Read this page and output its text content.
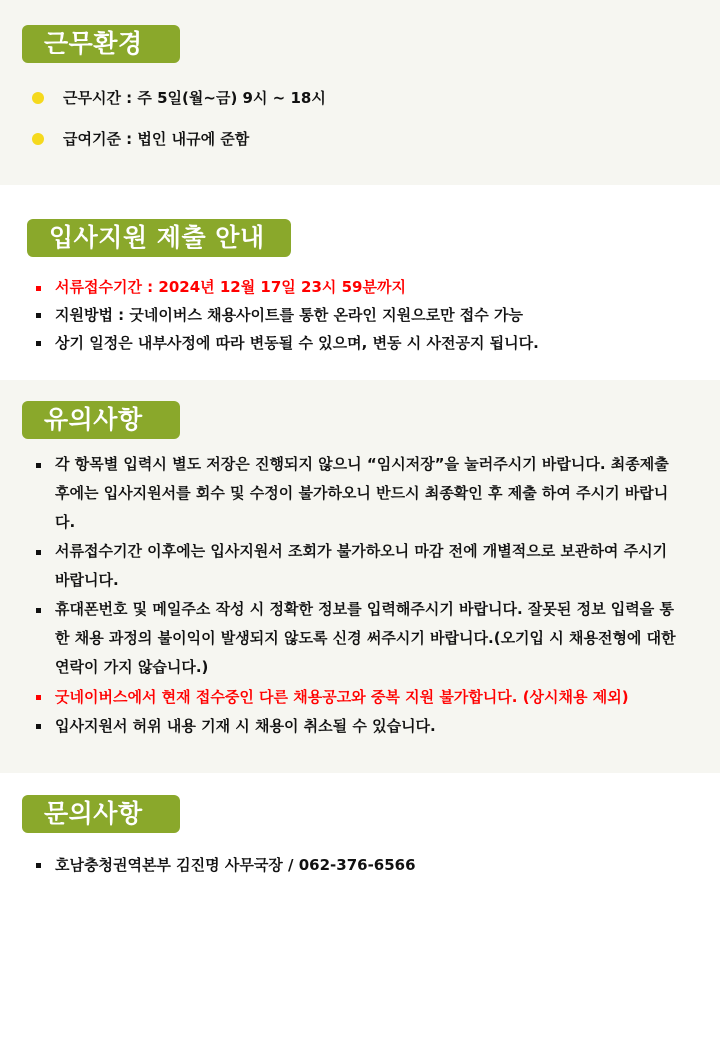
근무환경
근무시간 : 주 5일(월~금) 9시 ~ 18시
급여기준 : 법인 내규에 준함
입사지원 제출 안내
서류접수기간 : 2024년 12월 17일 23시 59분까지
지원방법 : 굿네이버스 채용사이트를 통한 온라인 지원으로만 접수 가능
상기 일정은 내부사정에 따라 변동될 수 있으며, 변동 시 사전공지 됩니다.
유의사항
각 항목별 입력시 별도 저장은 진행되지 않으니 “임시저장”을 눌러주시기 바랍니다. 최종제출 후에는 입사지원서를 회수 및 수정이 불가하오니 반드시 최종확인 후 제출 하여 주시기 바랍니다.
서류접수기간 이후에는 입사지원서 조회가 불가하오니 마감 전에 개별적으로 보관하여 주시기 바랍니다.
휴대폰번호 및 메일주소 작성 시 정확한 정보를 입력해주시기 바랍니다. 잘못된 정보 입력을 통한 채용 과정의 불이익이 발생되지 않도록 신경 써주시기 바랍니다.(오기입 시 채용전형에 대한 연락이 가지 않습니다.)
굿네이버스에서 현재 접수중인 다른 채용공고와 중복 지원 불가합니다. (상시채용 제외)
입사지원서 허위 내용 기재 시 채용이 취소될 수 있습니다.
문의사항
호남충청권역본부 김진명 사무국장 / 062-376-6566
